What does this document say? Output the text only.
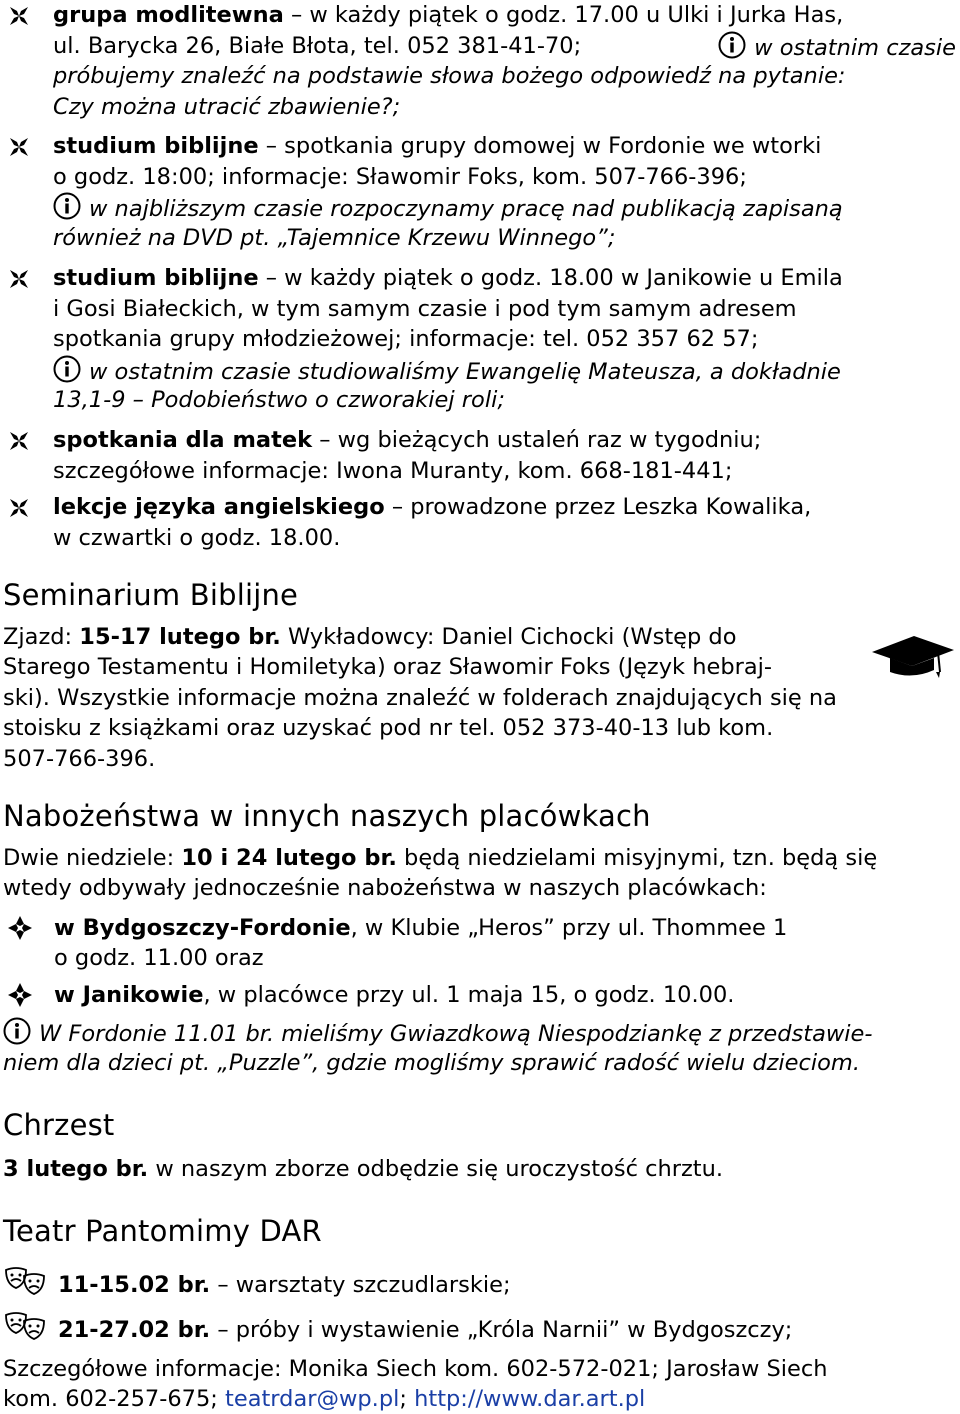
grupa modlitewna – w każdy piątek o godz. 17.00 u Ulki i Jurka Has,
ul. Barycka 26, Białe Błota, tel. 052 381-41-70;	w ostatnim czasie
próbujemy znaleźć na podstawie słowa bożego odpowiedź na pytanie:
Czy można utracić zbawienie?;
studium biblijne – spotkania grupy domowej w Fordonie we wtorki
o godz. 18:00; informacje: Sławomir Foks, kom. 507-766-396;
w najbliższym czasie rozpoczynamy pracę nad publikacją zapisaną
również na DVD pt. „Tajemnice Krzewu Winnego”;
studium biblijne – w każdy piątek o godz. 18.00 w Janikowie u Emila
i Gosi Białeckich, w tym samym czasie i pod tym samym adresem
spotkania grupy młodzieżowej; informacje: tel. 052 357 62 57;
w ostatnim czasie studiowaliśmy Ewangelię Mateusza, a dokładnie
13,1-9 – Podobieństwo o czworakiej roli;
spotkania dla matek – wg bieżących ustaleń raz w tygodniu;
szczegółowe informacje: Iwona Muranty, kom. 668-181-441;
lekcje języka angielskiego – prowadzone przez Leszka Kowalika,
w czwartki o godz. 18.00.
Seminarium Biblijne
Zjazd: 15-17 lutego br. Wykładowcy: Daniel Cichocki (Wstęp do
Starego Testamentu i Homiletyka) oraz Sławomir Foks (Język hebraj-
ski). Wszystkie informacje można znaleźć w folderach znajdujących się na
stoisku z książkami oraz uzyskać pod nr tel. 052 373-40-13 lub kom.
507-766-396.
Nabożeństwa w innych naszych placówkach
Dwie niedziele: 10 i 24 lutego br. będą niedzielami misyjnymi, tzn. będą się
wtedy odbywały jednocześnie nabożeństwa w naszych placówkach:
w Bydgoszczy-Fordonie, w Klubie „Heros” przy ul. Thommee 1
o godz. 11.00 oraz
w Janikowie, w placówce przy ul. 1 maja 15, o godz. 10.00.
W Fordonie 11.01 br. mieliśmy Gwiazdkową Niespodziankę z przedstawie-
niem dla dzieci pt. „Puzzle”, gdzie mogliśmy sprawić radość wielu dzieciom.
Chrzest
3 lutego br. w naszym zborze odbędzie się uroczystość chrztu.
Teatr Pantomimy DAR
11-15.02 br. – warsztaty szczudlarskie;
21-27.02 br. – próby i wystawienie „Króla Narnii” w Bydgoszczy;
Szczegółowe informacje: Monika Siech kom. 602-572-021; Jarosław Siech
kom. 602-257-675; teatrdar@wp.pl; http://www.dar.art.pl
